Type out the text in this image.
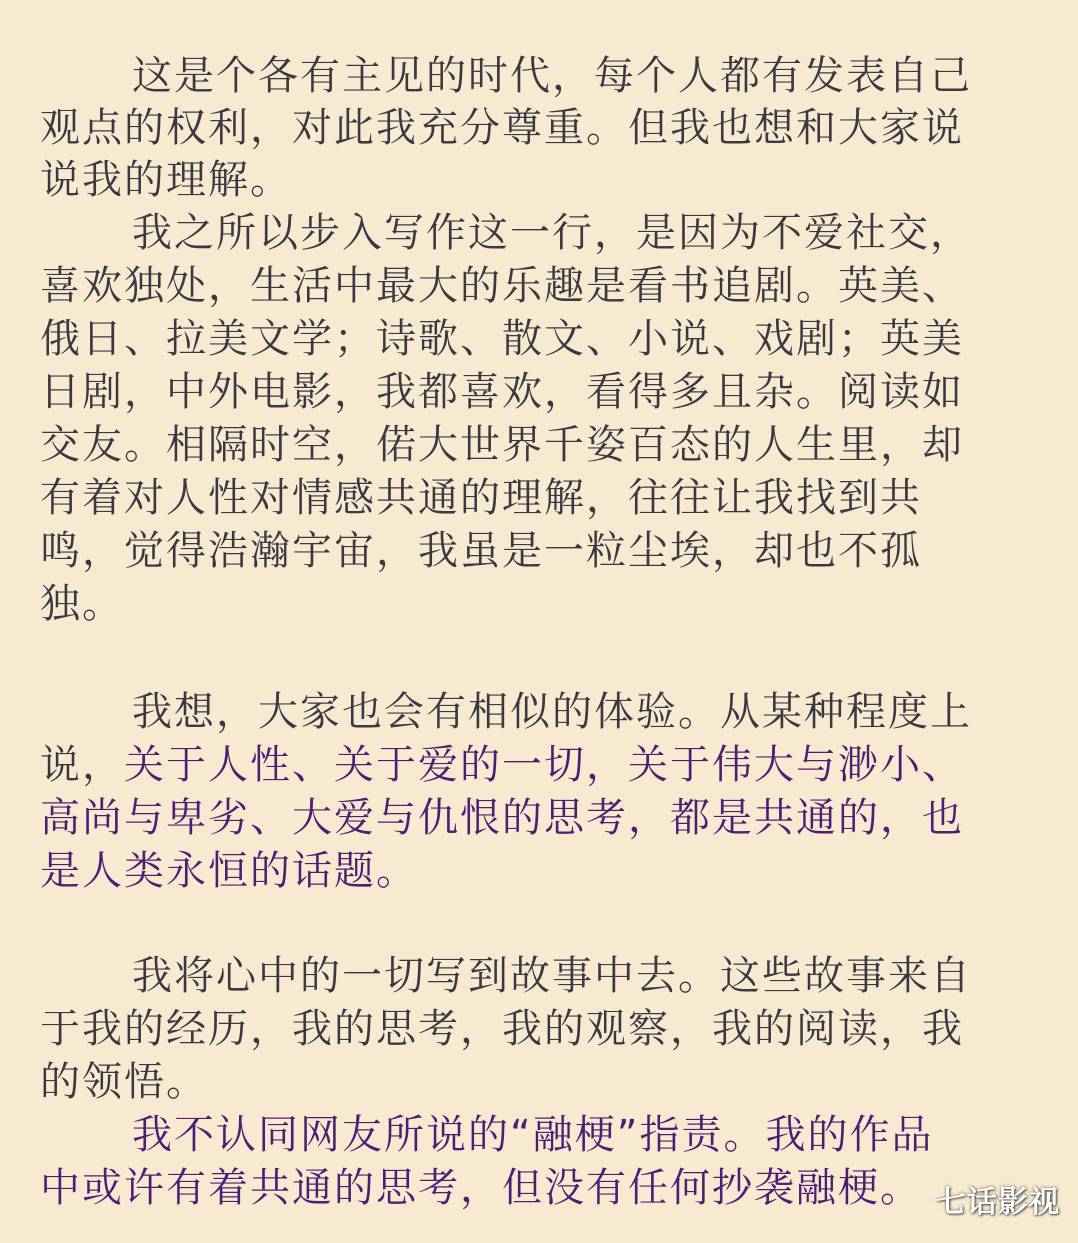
这是个各有主见的时代，每个人都有发表自己
观点的权利，对此我充分尊重。但我也想和大家说
说我的理解。
我之所以步入写作这一行，是因为不爱社交，
喜欢独处，生活中最大的乐趣是看书追剧。英美、
俄日、拉美文学；诗歌、散文、小说、戏剧；英美
日剧，中外电影，我都喜欢，看得多且杂。阅读如
交友。相隔时空，偌大世界千姿百态的人生里，却
有着对人性对情感共通的理解，往往让我找到共
鸣，觉得浩瀚宇宙，我虽是一粒尘埃，却也不孤
独。
我想，大家也会有相似的体验。从某种程度上
说，关于人性、关于爱的一切，关于伟大与渺小、
高尚与卑劣、大爱与仇恨的思考，都是共通的，也
是人类永恒的话题。
我将心中的一切写到故事中去。这些故事来自
于我的经历，我的思考，我的观察，我的阅读，我
的领悟。
我不认同网友所说的“融梗”指责。我的作品
中或许有着共通的思考，但没有任何抄袭融梗。 七话影视
